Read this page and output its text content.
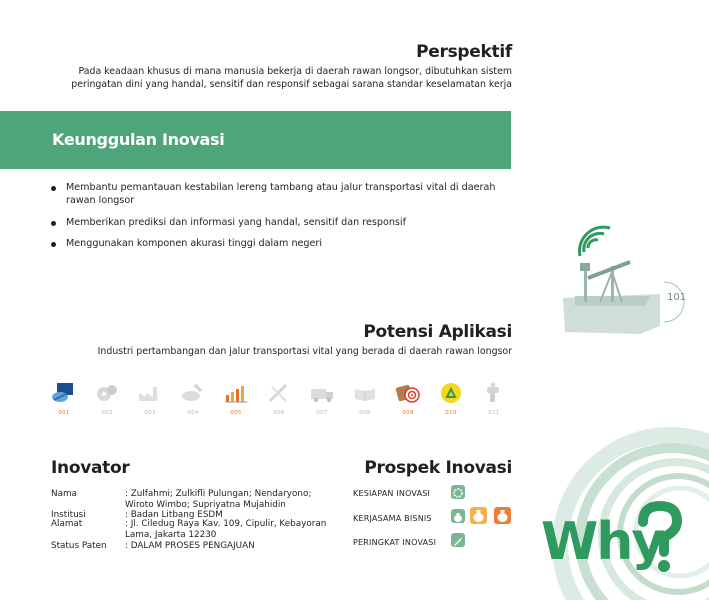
Perspektif
Pada keadaan khusus di mana manusia bekerja di daerah rawan longsor, dibutuhkan sistem peringatan dini yang handal, sensitif dan responsif sebagai sarana standar keselamatan kerja
Keunggulan Inovasi
Membantu pemantauan kestabilan lereng tambang atau jalur transportasi vital di daerah rawan longsor
Memberikan prediksi dan informasi yang handal, sensitif dan responsif
Menggunakan komponen akurasi tinggi dalam negeri
101
Potensi Aplikasi
Industri pertambangan dan jalur transportasi vital yang berada di daerah rawan longsor
001	002	003	004	005	006	007	008	009	010	011
Inovator
Nama	: Zulfahmi; Zulkifli Pulungan; Nendaryono; Wiroto Wimbo; Supriyatna Mujahidin
Institusi	: Badan Litbang ESDM
Alamat	: Jl. Ciledug Raya Kav. 109, Cipulir, Kebayoran Lama, Jakarta 12230
Status Paten : DALAM PROSES PENGAJUAN
Prospek Inovasi
KESIAPAN INOVASI
KERJASAMA BISNIS
PERINGKAT INOVASI Why
